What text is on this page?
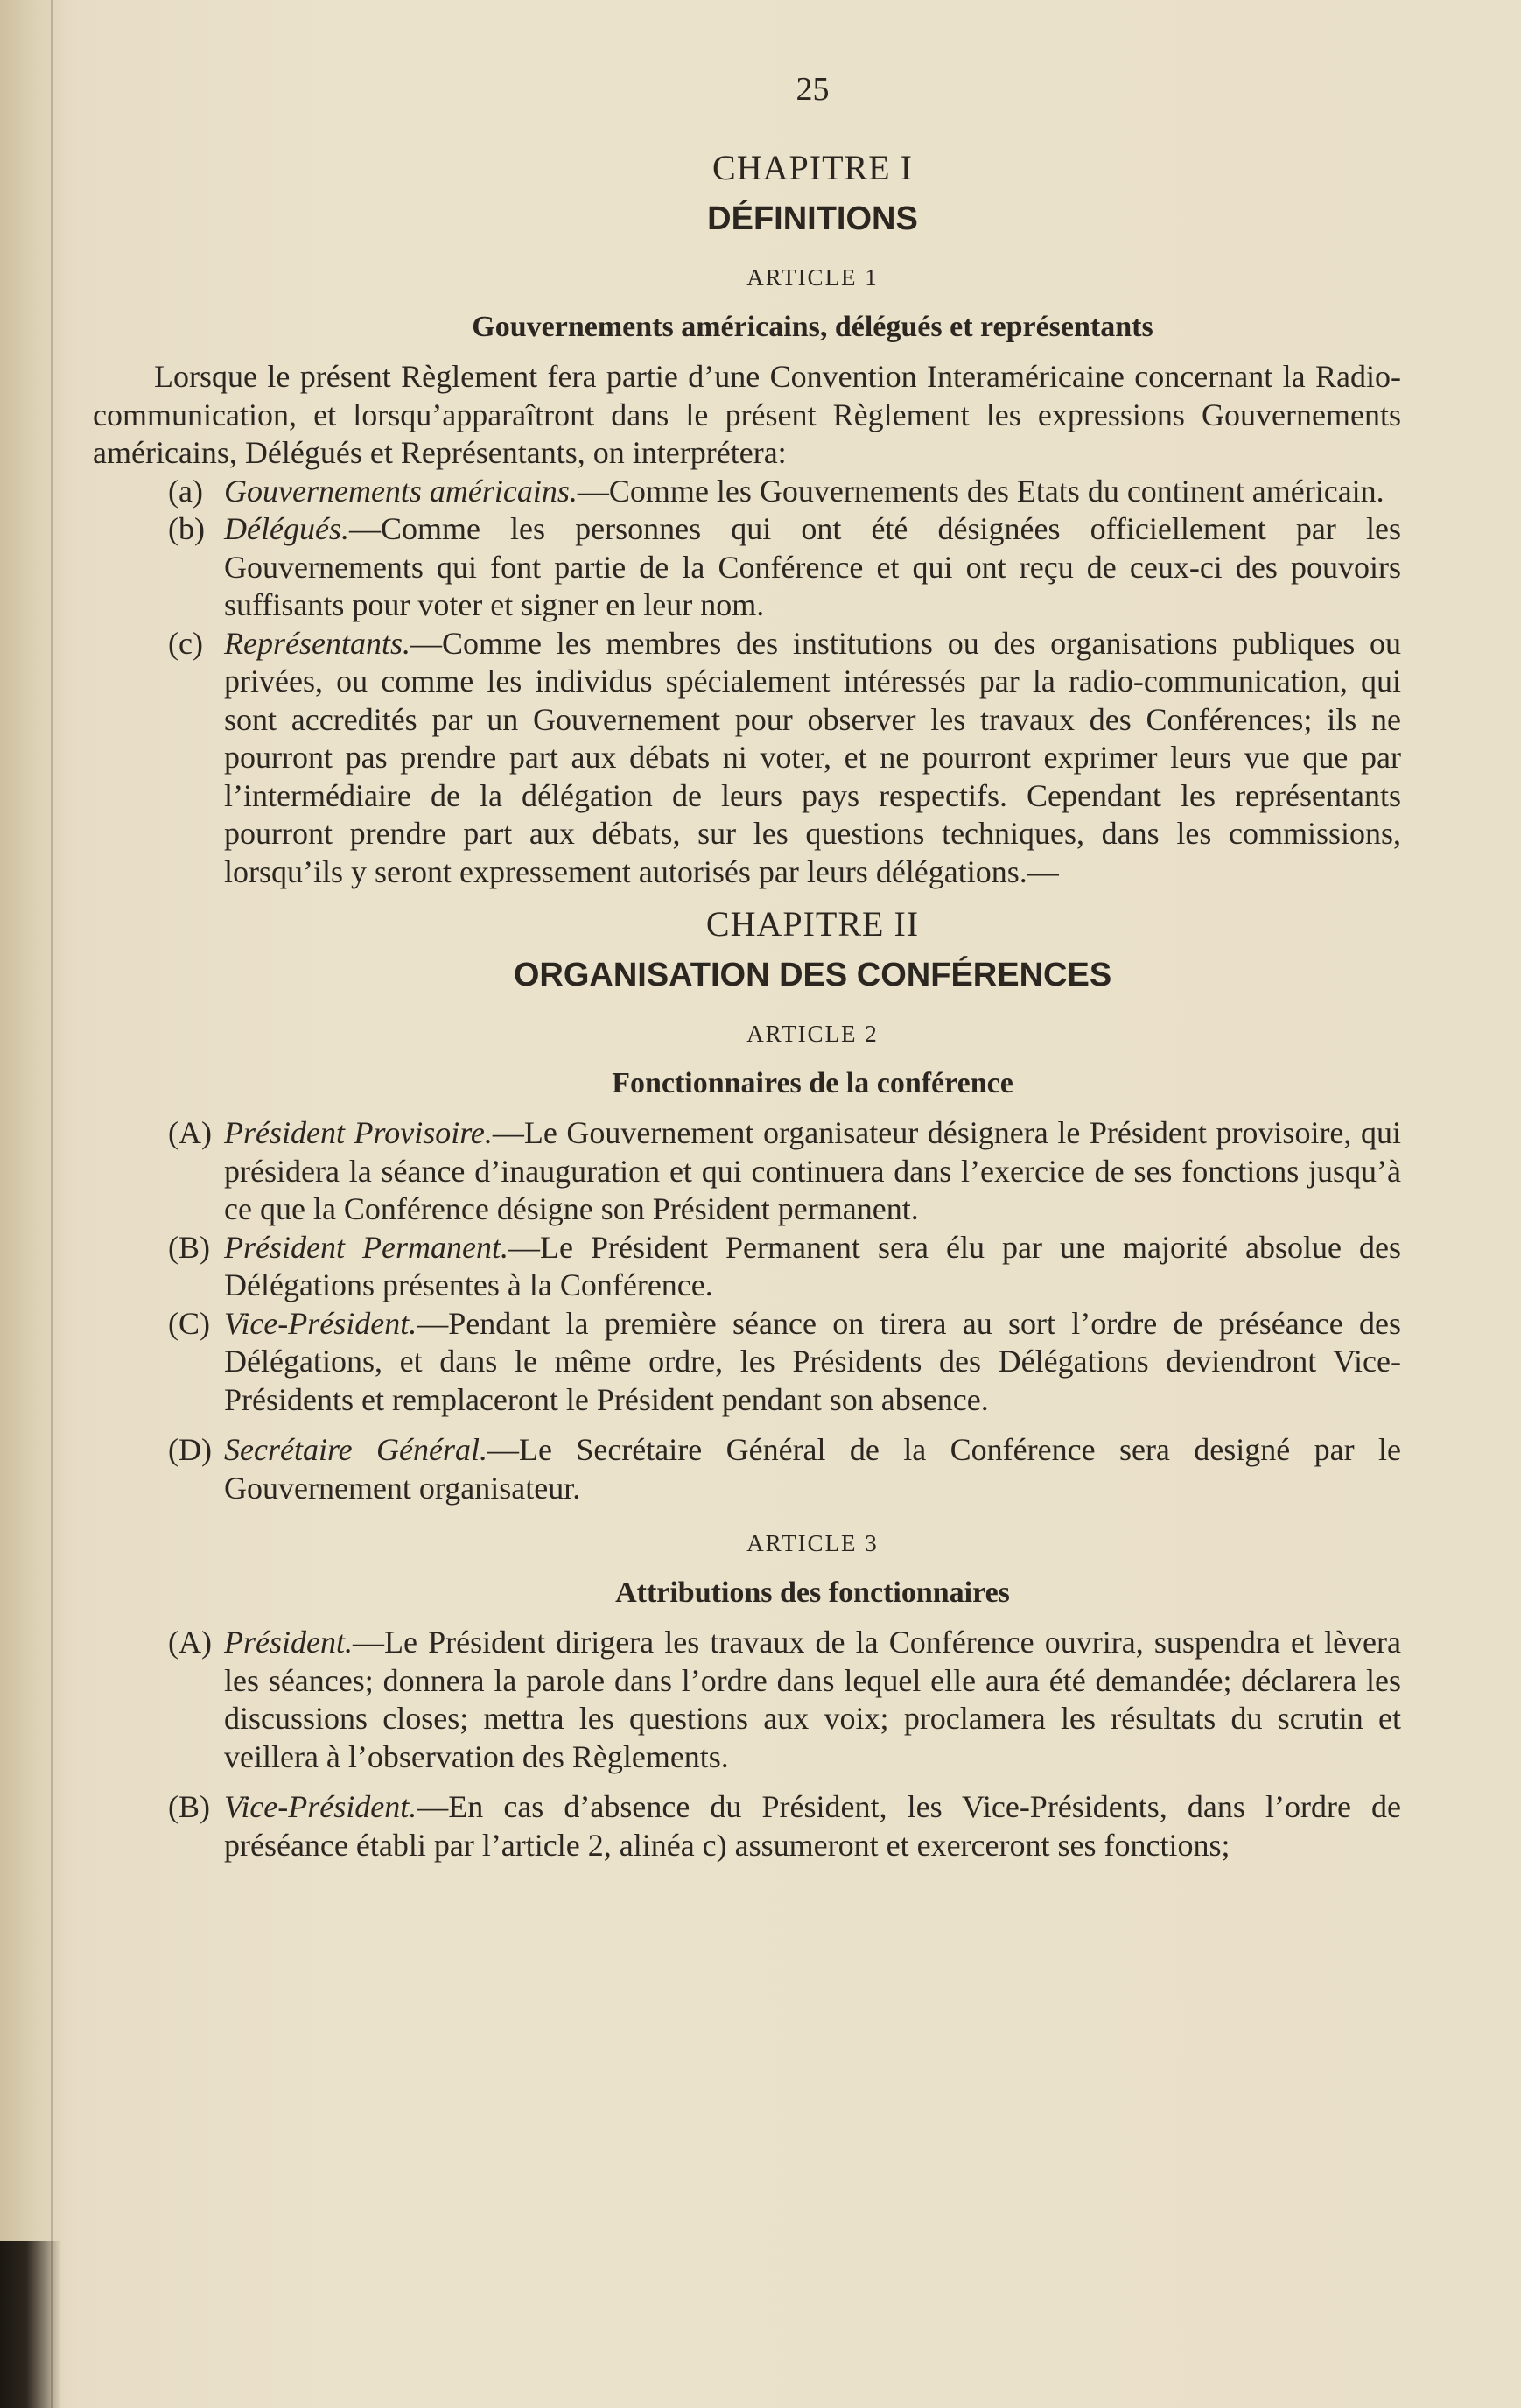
25
CHAPITRE I
DÉFINITIONS
ARTICLE 1
Gouvernements américains, délégués et représentants

Lorsque le présent Règlement fera partie d’une Convention Interaméricaine concernant la Radio-communication, et lorsqu’apparaîtront dans le présent Règlement les expressions Gouvernements américains, Délégués et Représentants, on interprétera:

(a) Gouvernements américains.—Comme les Gouvernements des Etats du continent américain.

(b) Délégués.—Comme les personnes qui ont été désignées officiellement par les Gouvernements qui font partie de la Conférence et qui ont reçu de ceux-ci des pouvoirs suffisants pour voter et signer en leur nom.

(c) Représentants.—Comme les membres des institutions ou des organisations publiques ou privées, ou comme les individus spécialement intéressés par la radio-communication, qui sont accredités par un Gouvernement pour observer les travaux des Conférences; ils ne pourront pas prendre part aux débats ni voter, et ne pourront exprimer leurs vue que par l’intermédiaire de la délégation de leurs pays respectifs. Cependant les représentants pourront prendre part aux débats, sur les questions techniques, dans les commissions, lorsqu’ils y seront expressement autorisés par leurs délégations.—

CHAPITRE II
ORGANISATION DES CONFÉRENCES
ARTICLE 2
Fonctionnaires de la conférence

(A) Président Provisoire.—Le Gouvernement organisateur désignera le Président provisoire, qui présidera la séance d’inauguration et qui continuera dans l’exercice de ses fonctions jusqu’à ce que la Conférence désigne son Président permanent.

(B) Président Permanent.—Le Président Permanent sera élu par une majorité absolue des Délégations présentes à la Conférence.

(C) Vice-Président.—Pendant la première séance on tirera au sort l’ordre de préséance des Délégations, et dans le même ordre, les Présidents des Délégations deviendront Vice-Présidents et remplaceront le Président pendant son absence.

(D) Secrétaire Général.—Le Secrétaire Général de la Conférence sera designé par le Gouvernement organisateur.

ARTICLE 3
Attributions des fonctionnaires

(A) Président.—Le Président dirigera les travaux de la Conférence ouvrira, suspendra et lèvera les séances; donnera la parole dans l’ordre dans lequel elle aura été demandée; déclarera les discussions closes; mettra les questions aux voix; proclamera les résultats du scrutin et veillera à l’observation des Règlements.

(B) Vice-Président.—En cas d’absence du Président, les Vice-Présidents, dans l’ordre de préséance établi par l’article 2, alinéa c) assumeront et exerceront ses fonctions;
